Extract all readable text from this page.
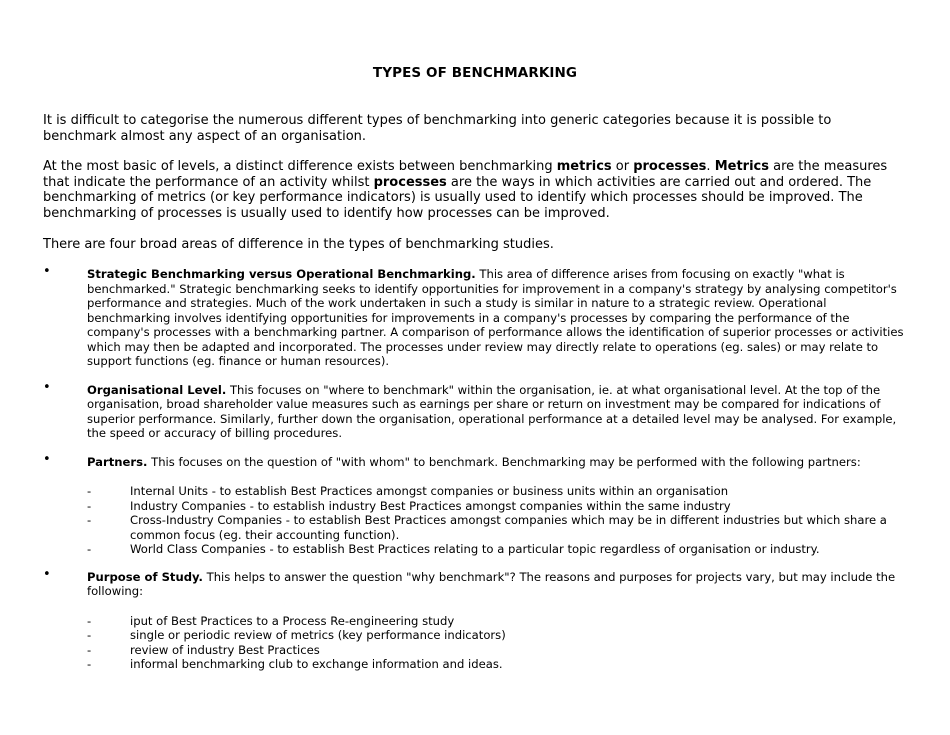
TYPES OF BENCHMARKING
It is difficult to categorise the numerous different types of benchmarking into generic categories because it is possible to benchmark almost any aspect of an organisation.
At the most basic of levels, a distinct difference exists between benchmarking metrics or processes. Metrics are the measures that indicate the performance of an activity whilst processes are the ways in which activities are carried out and ordered. The benchmarking of metrics (or key performance indicators) is usually used to identify which processes should be improved. The benchmarking of processes is usually used to identify how processes can be improved.
There are four broad areas of difference in the types of benchmarking studies.
•	Strategic Benchmarking versus Operational Benchmarking. This area of difference arises from focusing on exactly "what is benchmarked." Strategic benchmarking seeks to identify opportunities for improvement in a company's strategy by analysing competitor's performance and strategies. Much of the work undertaken in such a study is similar in nature to a strategic review. Operational benchmarking involves identifying opportunities for improvements in a company's processes by comparing the performance of the company's processes with a benchmarking partner. A comparison of performance allows the identification of superior processes or activities which may then be adapted and incorporated. The processes under review may directly relate to operations (eg. sales) or may relate to support functions (eg. finance or human resources).
•	Organisational Level. This focuses on "where to benchmark" within the organisation, ie. at what organisational level. At the top of the organisation, broad shareholder value measures such as earnings per share or return on investment may be compared for indications of superior performance. Similarly, further down the organisation, operational performance at a detailed level may be analysed. For example, the speed or accuracy of billing procedures.
•	Partners. This focuses on the question of "with whom" to benchmark. Benchmarking may be performed with the following partners:
-	Internal Units - to establish Best Practices amongst companies or business units within an organisation
-	Industry Companies - to establish industry Best Practices amongst companies within the same industry
-	Cross-Industry Companies - to establish Best Practices amongst companies which may be in different industries but which share a common focus (eg. their accounting function).
-	World Class Companies - to establish Best Practices relating to a particular topic regardless of organisation or industry.
•	Purpose of Study. This helps to answer the question "why benchmark"? The reasons and purposes for projects vary, but may include the following:
-	iput of Best Practices to a Process Re-engineering study
-	single or periodic review of metrics (key performance indicators)
-	review of industry Best Practices
-	informal benchmarking club to exchange information and ideas.
